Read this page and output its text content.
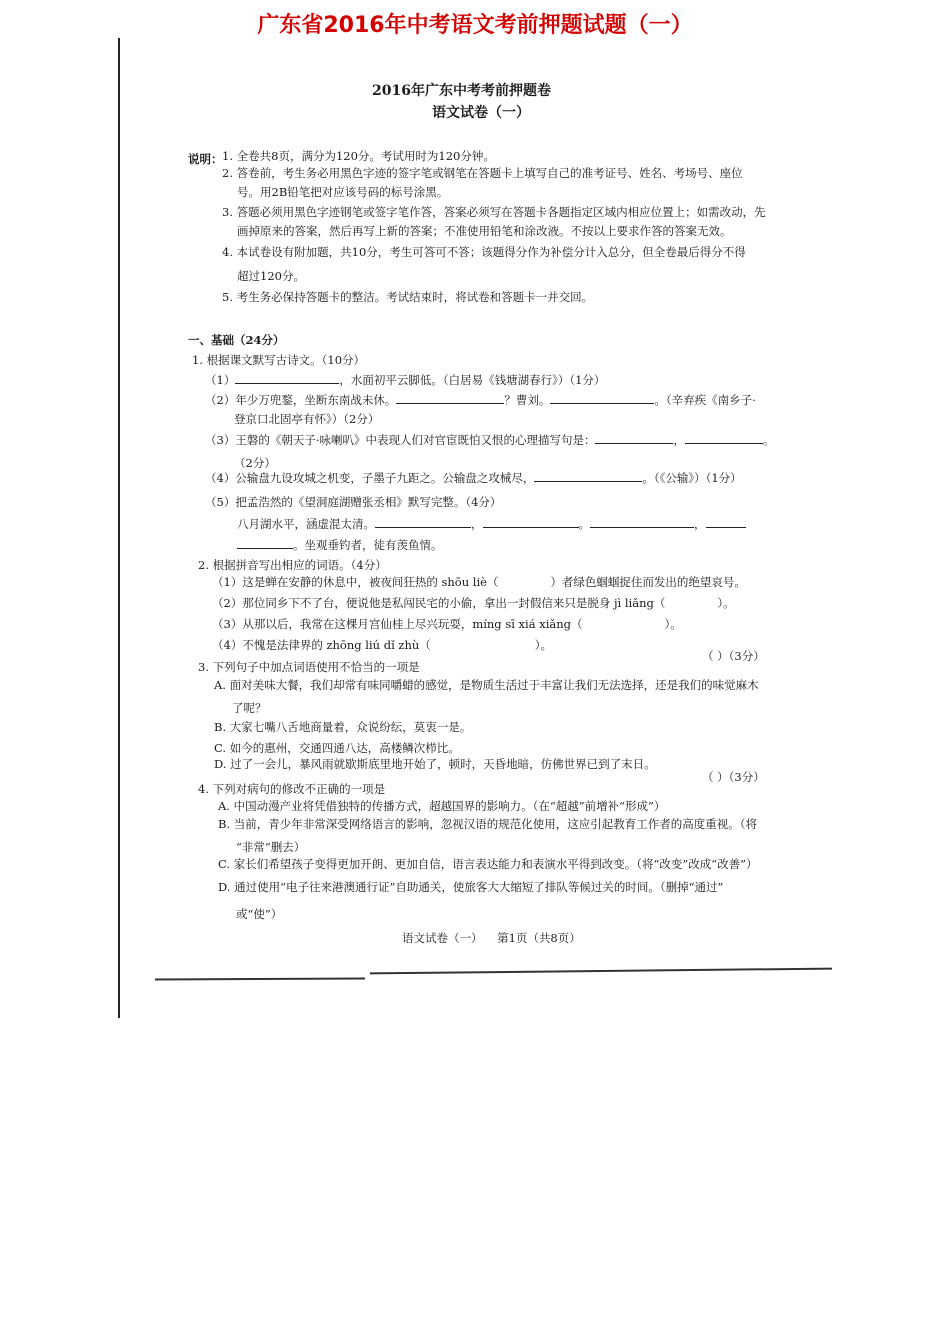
广东省2016年中考语文考前押题试题（一）
2016年广东中考考前押题卷
语文试卷（一）
说明： 1. 全卷共8页，满分为120分。考试用时为120分钟。
2. 答卷前，考生务必用黑色字迹的签字笔或钢笔在答题卡上填写自己的准考证号、姓名、考场号、座位
号。用2B铅笔把对应该号码的标号涂黑。
3. 答题必须用黑色字迹钢笔或签字笔作答，答案必须写在答题卡各题指定区域内相应位置上；如需改动，先
画掉原来的答案，然后再写上新的答案；不准使用铅笔和涂改液。不按以上要求作答的答案无效。
4. 本试卷设有附加题，共10分，考生可答可不答；该题得分作为补偿分计入总分，但全卷最后得分不得
超过120分。
5. 考生务必保持答题卡的整洁。考试结束时，将试卷和答题卡一并交回。
一、基础（24分）
1. 根据课文默写古诗文。（10分）
（1）	，水面初平云脚低。（白居易《钱塘湖春行》）（1分）
（2）年少万兜鍪，坐断东南战未休。	？曹刘。	。（辛弃疾《南乡子·
登京口北固亭有怀》）（2分）
（3）王磐的《朝天子·咏喇叭》中表现人们对官宦既怕又恨的心理描写句是：	，	。
（2分）
（4）公输盘九设攻城之机变，子墨子九距之。公输盘之攻械尽，	。（《公输》）（1分）
（5）把孟浩然的《望洞庭湖赠张丞相》默写完整。（4分）
八月湖水平，涵虚混太清。	，	。	，
。坐观垂钓者，徒有羡鱼情。
2. 根据拼音写出相应的词语。（4分）
（1）这是蝉在安静的休息中，被夜间狂热的 shōu liè（	）者绿色蝈蝈捉住而发出的绝望哀号。
（2）那位同乡下不了台，便说他是私闯民宅的小偷，拿出一封假信来只是脱身 jì liǎng（	）。
（3）从那以后，我常在这棵月宫仙桂上尽兴玩耍，míng sī xiá xiǎng（	）。
（4）不愧是法律界的 zhōng liú dǐ zhù（	）。
3. 下列句子中加点词语使用不恰当的一项是
（ ）（3分）
A. 面对美味大餐，我们却常有味同嚼蜡的感觉，是物质生活过于丰富让我们无法选择，还是我们的味觉麻木
了呢？
B. 大家七嘴八舌地商量着，众说纷纭，莫衷一是。
C. 如今的惠州，交通四通八达，高楼鳞次栉比。
D. 过了一会儿，暴风雨就歇斯底里地开始了，顿时，天昏地暗，仿佛世界已到了末日。
4. 下列对病句的修改不正确的一项是
（ ）（3分）
A. 中国动漫产业将凭借独特的传播方式，超越国界的影响力。（在“超越”前增补“形成”）
B. 当前，青少年非常深受网络语言的影响，忽视汉语的规范化使用，这应引起教育工作者的高度重视。（将
“非常”删去）
C. 家长们希望孩子变得更加开朗、更加自信，语言表达能力和表演水平得到改变。（将“改变”改成“改善”）
D. 通过使用“电子往来港澳通行证”自助通关，使旅客大大缩短了排队等候过关的时间。（删掉“通过”
或“使”）
语文试卷（一）    第1页（共8页）
